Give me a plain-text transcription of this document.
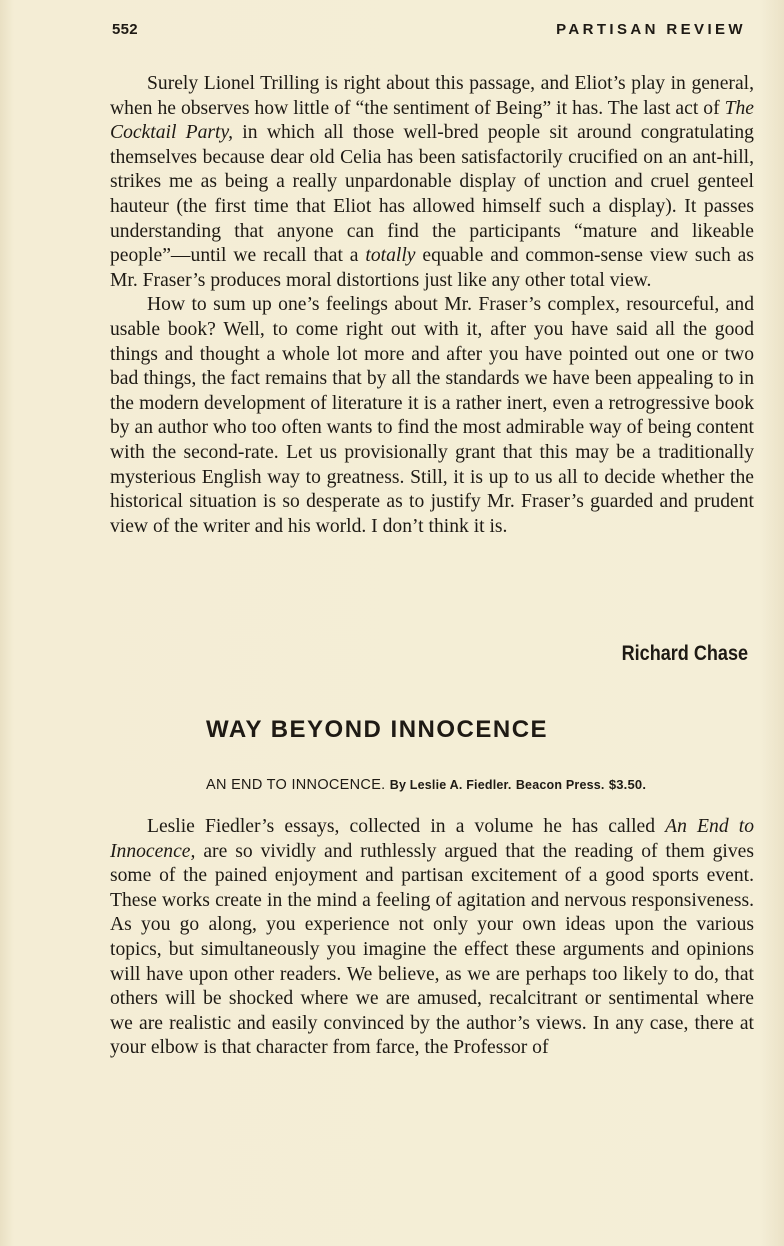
552	PARTISAN REVIEW

Surely Lionel Trilling is right about this passage, and Eliot’s play in general, when he observes how little of “the sentiment of Being” it has. The last act of The Cocktail Party, in which all those well-bred people sit around congratulating themselves because dear old Celia has been satisfactorily crucified on an ant-hill, strikes me as being a really unpardonable display of unction and cruel genteel hauteur (the first time that Eliot has allowed himself such a display). It passes understanding that anyone can find the participants “mature and likeable people”—until we recall that a totally equable and common-sense view such as Mr. Fraser’s produces moral distortions just like any other total view.

How to sum up one’s feelings about Mr. Fraser’s complex, resourceful, and usable book? Well, to come right out with it, after you have said all the good things and thought a whole lot more and after you have pointed out one or two bad things, the fact remains that by all the standards we have been appealing to in the modern development of literature it is a rather inert, even a retrogressive book by an author who too often wants to find the most admirable way of being content with the second-rate. Let us provisionally grant that this may be a traditionally mysterious English way to greatness. Still, it is up to us all to decide whether the historical situation is so desperate as to justify Mr. Fraser’s guarded and prudent view of the writer and his world. I don’t think it is.

Richard Chase
WAY BEYOND INNOCENCE
AN END TO INNOCENCE. By Leslie A. Fiedler. Beacon Press. $3.50.

Leslie Fiedler’s essays, collected in a volume he has called An End to Innocence, are so vividly and ruthlessly argued that the reading of them gives some of the pained enjoyment and partisan excitement of a good sports event. These works create in the mind a feeling of agitation and nervous responsiveness. As you go along, you experience not only your own ideas upon the various topics, but simultaneously you imagine the effect these arguments and opinions will have upon other readers. We believe, as we are perhaps too likely to do, that others will be shocked where we are amused, recalcitrant or sentimental where we are realistic and easily convinced by the author’s views. In any case, there at your elbow is that character from farce, the Professor of
